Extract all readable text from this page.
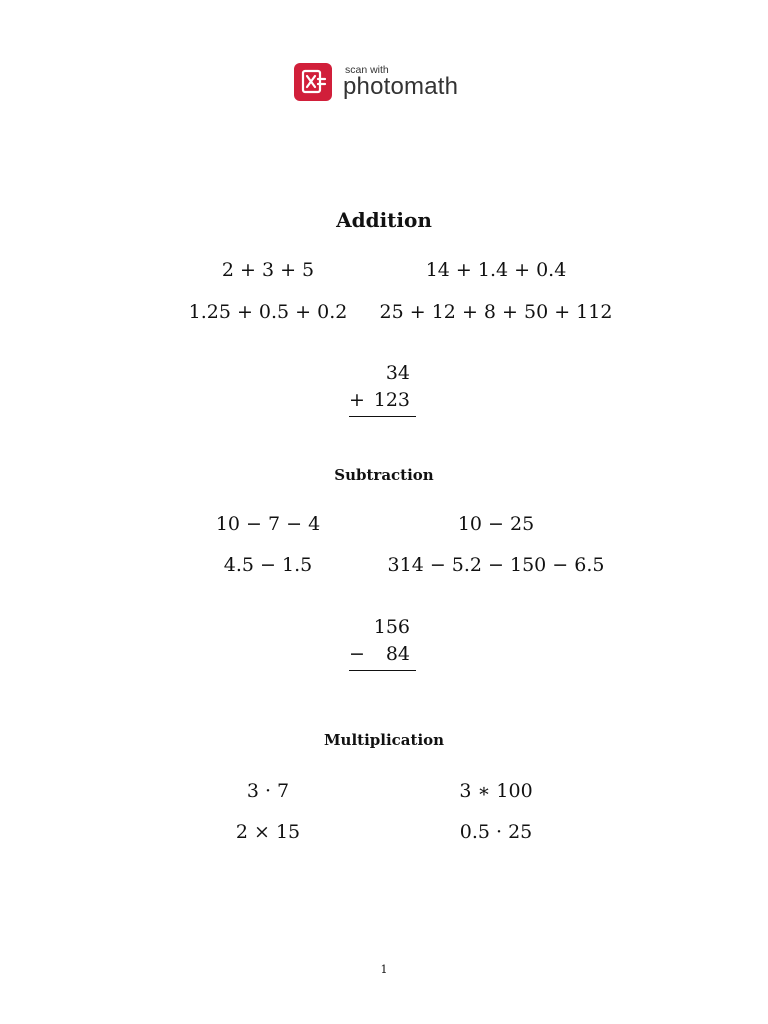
scan with
photomath
Addition
2 + 3 + 5	14 + 1.4 + 0.4
1.25 + 0.5 + 0.2	25 + 12 + 8 + 50 + 112
34
+ 123
Subtraction
10 − 7 − 4	10 − 25
4.5 − 1.5	314 − 5.2 − 150 − 6.5
156
− 84
Multiplication
3 · 7	3 ∗ 100
2 × 15	0.5 · 25
1
